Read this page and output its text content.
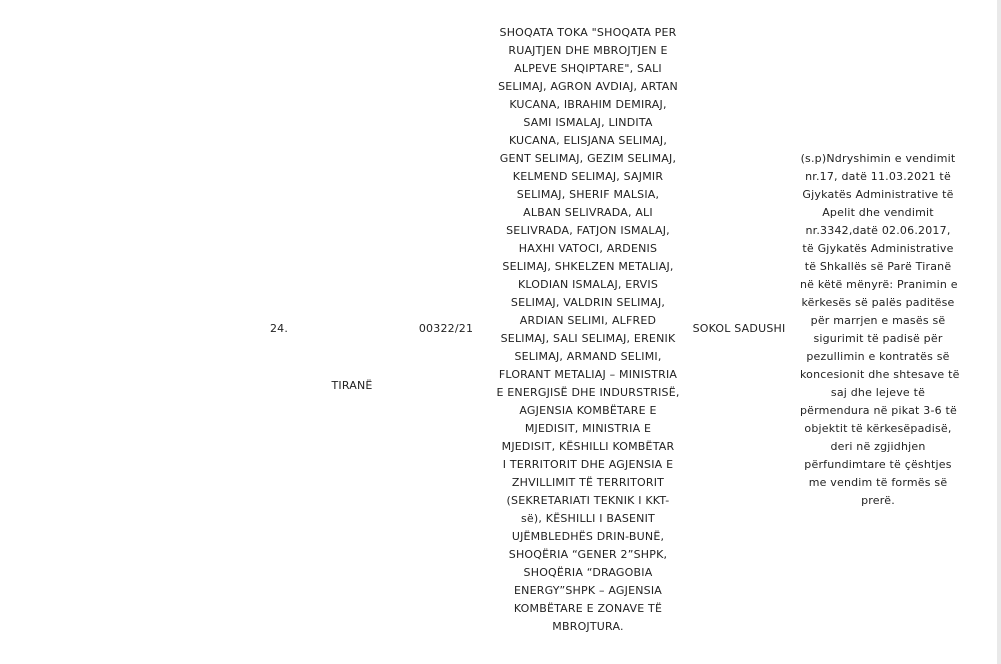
24.
TIRANË
00322/21
SHOQATA TOKA "SHOQATA PER
RUAJTJEN DHE MBROJTJEN E
ALPEVE SHQIPTARE", SALI
SELIMAJ, AGRON AVDIAJ, ARTAN
KUCANA, IBRAHIM DEMIRAJ,
SAMI ISMALAJ, LINDITA
KUCANA, ELISJANA SELIMAJ,
GENT SELIMAJ, GEZIM SELIMAJ,
KELMEND SELIMAJ, SAJMIR
SELIMAJ, SHERIF MALSIA,
ALBAN SELIVRADA, ALI
SELIVRADA, FATJON ISMALAJ,
HAXHI VATOCI, ARDENIS
SELIMAJ, SHKELZEN METALIAJ,
KLODIAN ISMALAJ, ERVIS
SELIMAJ, VALDRIN SELIMAJ,
ARDIAN SELIMI, ALFRED
SELIMAJ, SALI SELIMAJ, ERENIK
SELIMAJ, ARMAND SELIMI,
FLORANT METALIAJ – MINISTRIA
E ENERGJISË DHE INDURSTRISË,
AGJENSIA KOMBËTARE E
MJEDISIT, MINISTRIA E
MJEDISIT, KËSHILLI KOMBËTAR
I TERRITORIT DHE AGJENSIA E
ZHVILLIMIT TË TERRITORIT
(SEKRETARIATI TEKNIK I KKT-
së), KËSHILLI I BASENIT
UJËMBLEDHËS DRIN-BUNË,
SHOQËRIA “GENER 2”SHPK,
SHOQËRIA “DRAGOBIA
ENERGY”SHPK – AGJENSIA
KOMBËTARE E ZONAVE TË
MBROJTURA.
SOKOL SADUSHI
(s.p)Ndryshimin e vendimit
nr.17, datë 11.03.2021 të
Gjykatës Administrative të
Apelit dhe vendimit
nr.3342,datë 02.06.2017,
të Gjykatës Administrative
të Shkallës së Parë Tiranë
në këtë mënyrë: Pranimin e
kërkesës së palës paditëse
për marrjen e masës së
sigurimit të padisë për
pezullimin e kontratës së
koncesionit dhe shtesave të
saj dhe lejeve të
përmendura në pikat 3-6 të
objektit të kërkesëpadisë,
deri në zgjidhjen
përfundimtare të çështjes
me vendim të formës së
prerë.
